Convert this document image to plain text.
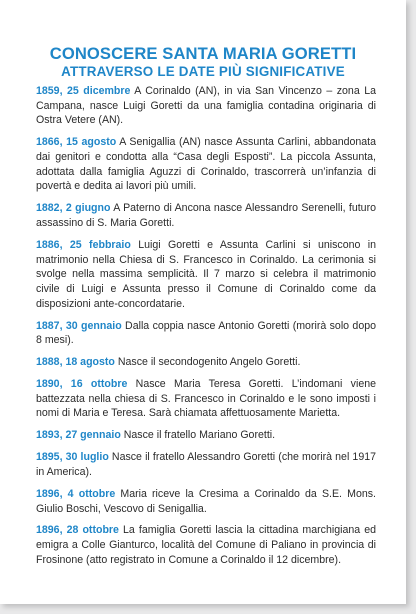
CONOSCERE SANTA MARIA GORETTI
ATTRAVERSO LE DATE PIÙ SIGNIFICATIVE

1859, 25 dicembre A Corinaldo (AN), in via San Vincenzo – zona La Campana, nasce Luigi Goretti da una famiglia contadina originaria di Ostra Vetere (AN).

1866, 15 agosto A Senigallia (AN) nasce Assunta Carlini, abbandonata dai genitori e condotta alla “Casa degli Esposti”. La piccola Assunta, adottata dalla famiglia Aguzzi di Corinaldo, trascorrerà un’infanzia di povertà e dedita ai lavori più umili.

1882, 2 giugno A Paterno di Ancona nasce Alessandro Serenelli, futuro assassino di S. Maria Goretti.

1886, 25 febbraio Luigi Goretti e Assunta Carlini si uniscono in matrimonio nella Chiesa di S. Francesco in Corinaldo. La cerimonia si svolge nella massima semplicità. Il 7 marzo si celebra il matrimonio civile di Luigi e Assunta presso il Comune di Corinaldo come da disposizioni ante-concordatarie.

1887, 30 gennaio Dalla coppia nasce Antonio Goretti (morirà solo dopo 8 mesi).

1888, 18 agosto Nasce il secondogenito Angelo Goretti.

1890, 16 ottobre Nasce Maria Teresa Goretti. L’indomani viene battezzata nella chiesa di S. Francesco in Corinaldo e le sono imposti i nomi di Maria e Teresa. Sarà chiamata affettuosamente Marietta.

1893, 27 gennaio Nasce il fratello Mariano Goretti.

1895, 30 luglio Nasce il fratello Alessandro Goretti (che morirà nel 1917 in America).

1896, 4 ottobre Maria riceve la Cresima a Corinaldo da S.E. Mons. Giulio Boschi, Vescovo di Senigallia.

1896, 28 ottobre La famiglia Goretti lascia la cittadina marchigiana ed emigra a Colle Gianturco, località del Comune di Paliano in provincia di Frosinone (atto registrato in Comune a Corinaldo il 12 dicembre).
